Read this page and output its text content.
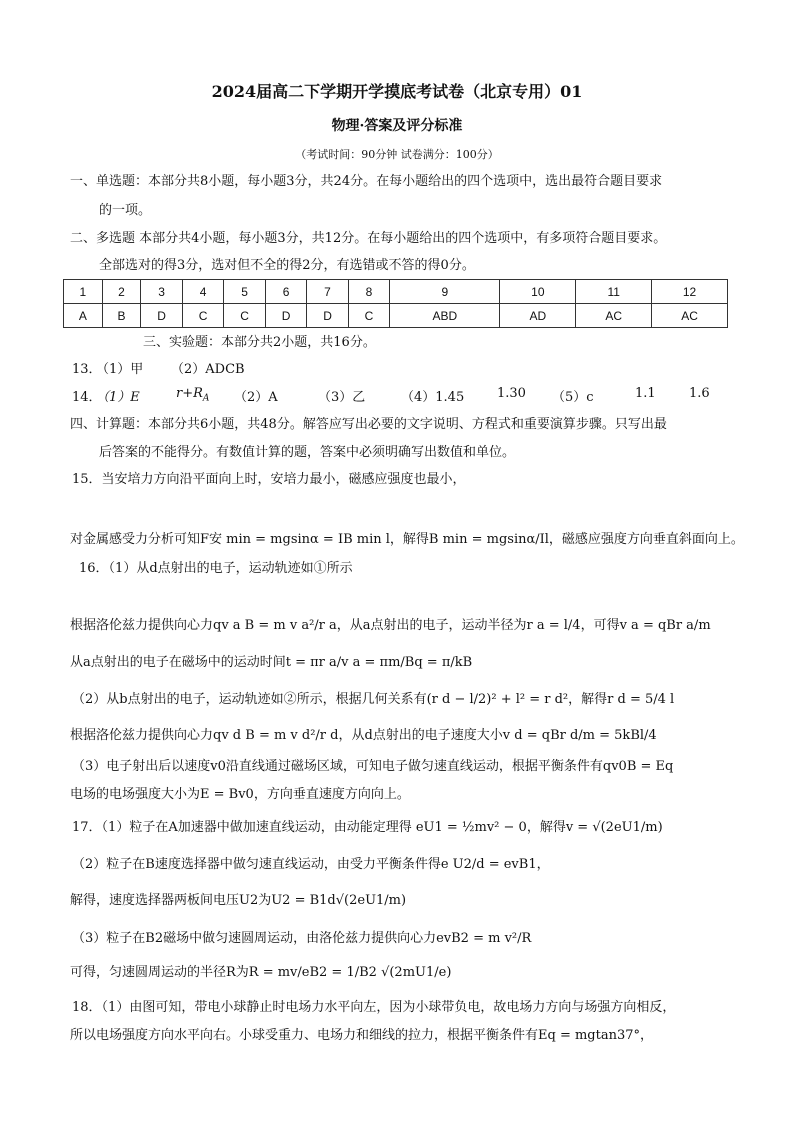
2024届高二下学期开学摸底考试卷（北京专用）01
物理·答案及评分标准
（考试时间：90分钟 试卷满分：100分）
一、单选题：本部分共8小题，每小题3分，共24分。在每小题给出的四个选项中，选出最符合题目要求
的一项。
二、多选题 本部分共4小题，每小题3分，共12分。在每小题给出的四个选项中，有多项符合题目要求。
全部选对的得3分，选对但不全的得2分，有选错或不答的得0分。
1	2	3	4	5	6	7	8	9	10	11	12
A	B	D	C	C	D	D	C	ABD	AD	AC	AC
三、实验题：本部分共2小题，共16分。
13．
（1）甲 （2）ADCB
14．
（1）E	$r+R_A$ （2）A	（3）乙	（4）1.45	1.30 （5）c	1.1	1.6
四、计算题：本部分共6小题，共48分。解答应写出必要的文字说明、方程式和重要演算步骤。只写出最
后答案的不能得分。有数值计算的题，答案中必须明确写出数值和单位。
15．当安培力方向沿平面向上时，安培力最小，磁感应强度也最小，
对金属感受力分析可知F安 min = mgsinα = IB min l，解得B min = mgsinα/Il，磁感应强度方向垂直斜面向上。
16．（1）从d点射出的电子，运动轨迹如①所示
根据洛伦兹力提供向心力qv a B = m v a²/r a，从a点射出的电子，运动半径为r a = l/4，可得v a = qBr a/m
从a点射出的电子在磁场中的运动时间t = πr a/v a = πm/Bq = π/kB
（2）从b点射出的电子，运动轨迹如②所示，根据几何关系有(r d − l/2)² + l² = r d²，解得r d = 5/4 l
根据洛伦兹力提供向心力qv d B = m v d²/r d，从d点射出的电子速度大小v d = qBr d/m = 5kBl/4
（3）电子射出后以速度v0沿直线通过磁场区域，可知电子做匀速直线运动，根据平衡条件有qv0B = Eq
电场的电场强度大小为E = Bv0，方向垂直速度方向向上。
17．（1）粒子在A加速器中做加速直线运动，由动能定理得 eU1 = ½mv² − 0，解得v = √(2eU1/m)
（2）粒子在B速度选择器中做匀速直线运动，由受力平衡条件得e U2/d = evB1，
解得，速度选择器两板间电压U2为U2 = B1d√(2eU1/m)
（3）粒子在B2磁场中做匀速圆周运动，由洛伦兹力提供向心力evB2 = m v²/R
可得，匀速圆周运动的半径R为R = mv/eB2 = 1/B2 √(2mU1/e)
18．（1）由图可知，带电小球静止时电场力水平向左，因为小球带负电，故电场力方向与场强方向相反，
所以电场强度方向水平向右。小球受重力、电场力和细线的拉力，根据平衡条件有Eq = mgtan37°，
